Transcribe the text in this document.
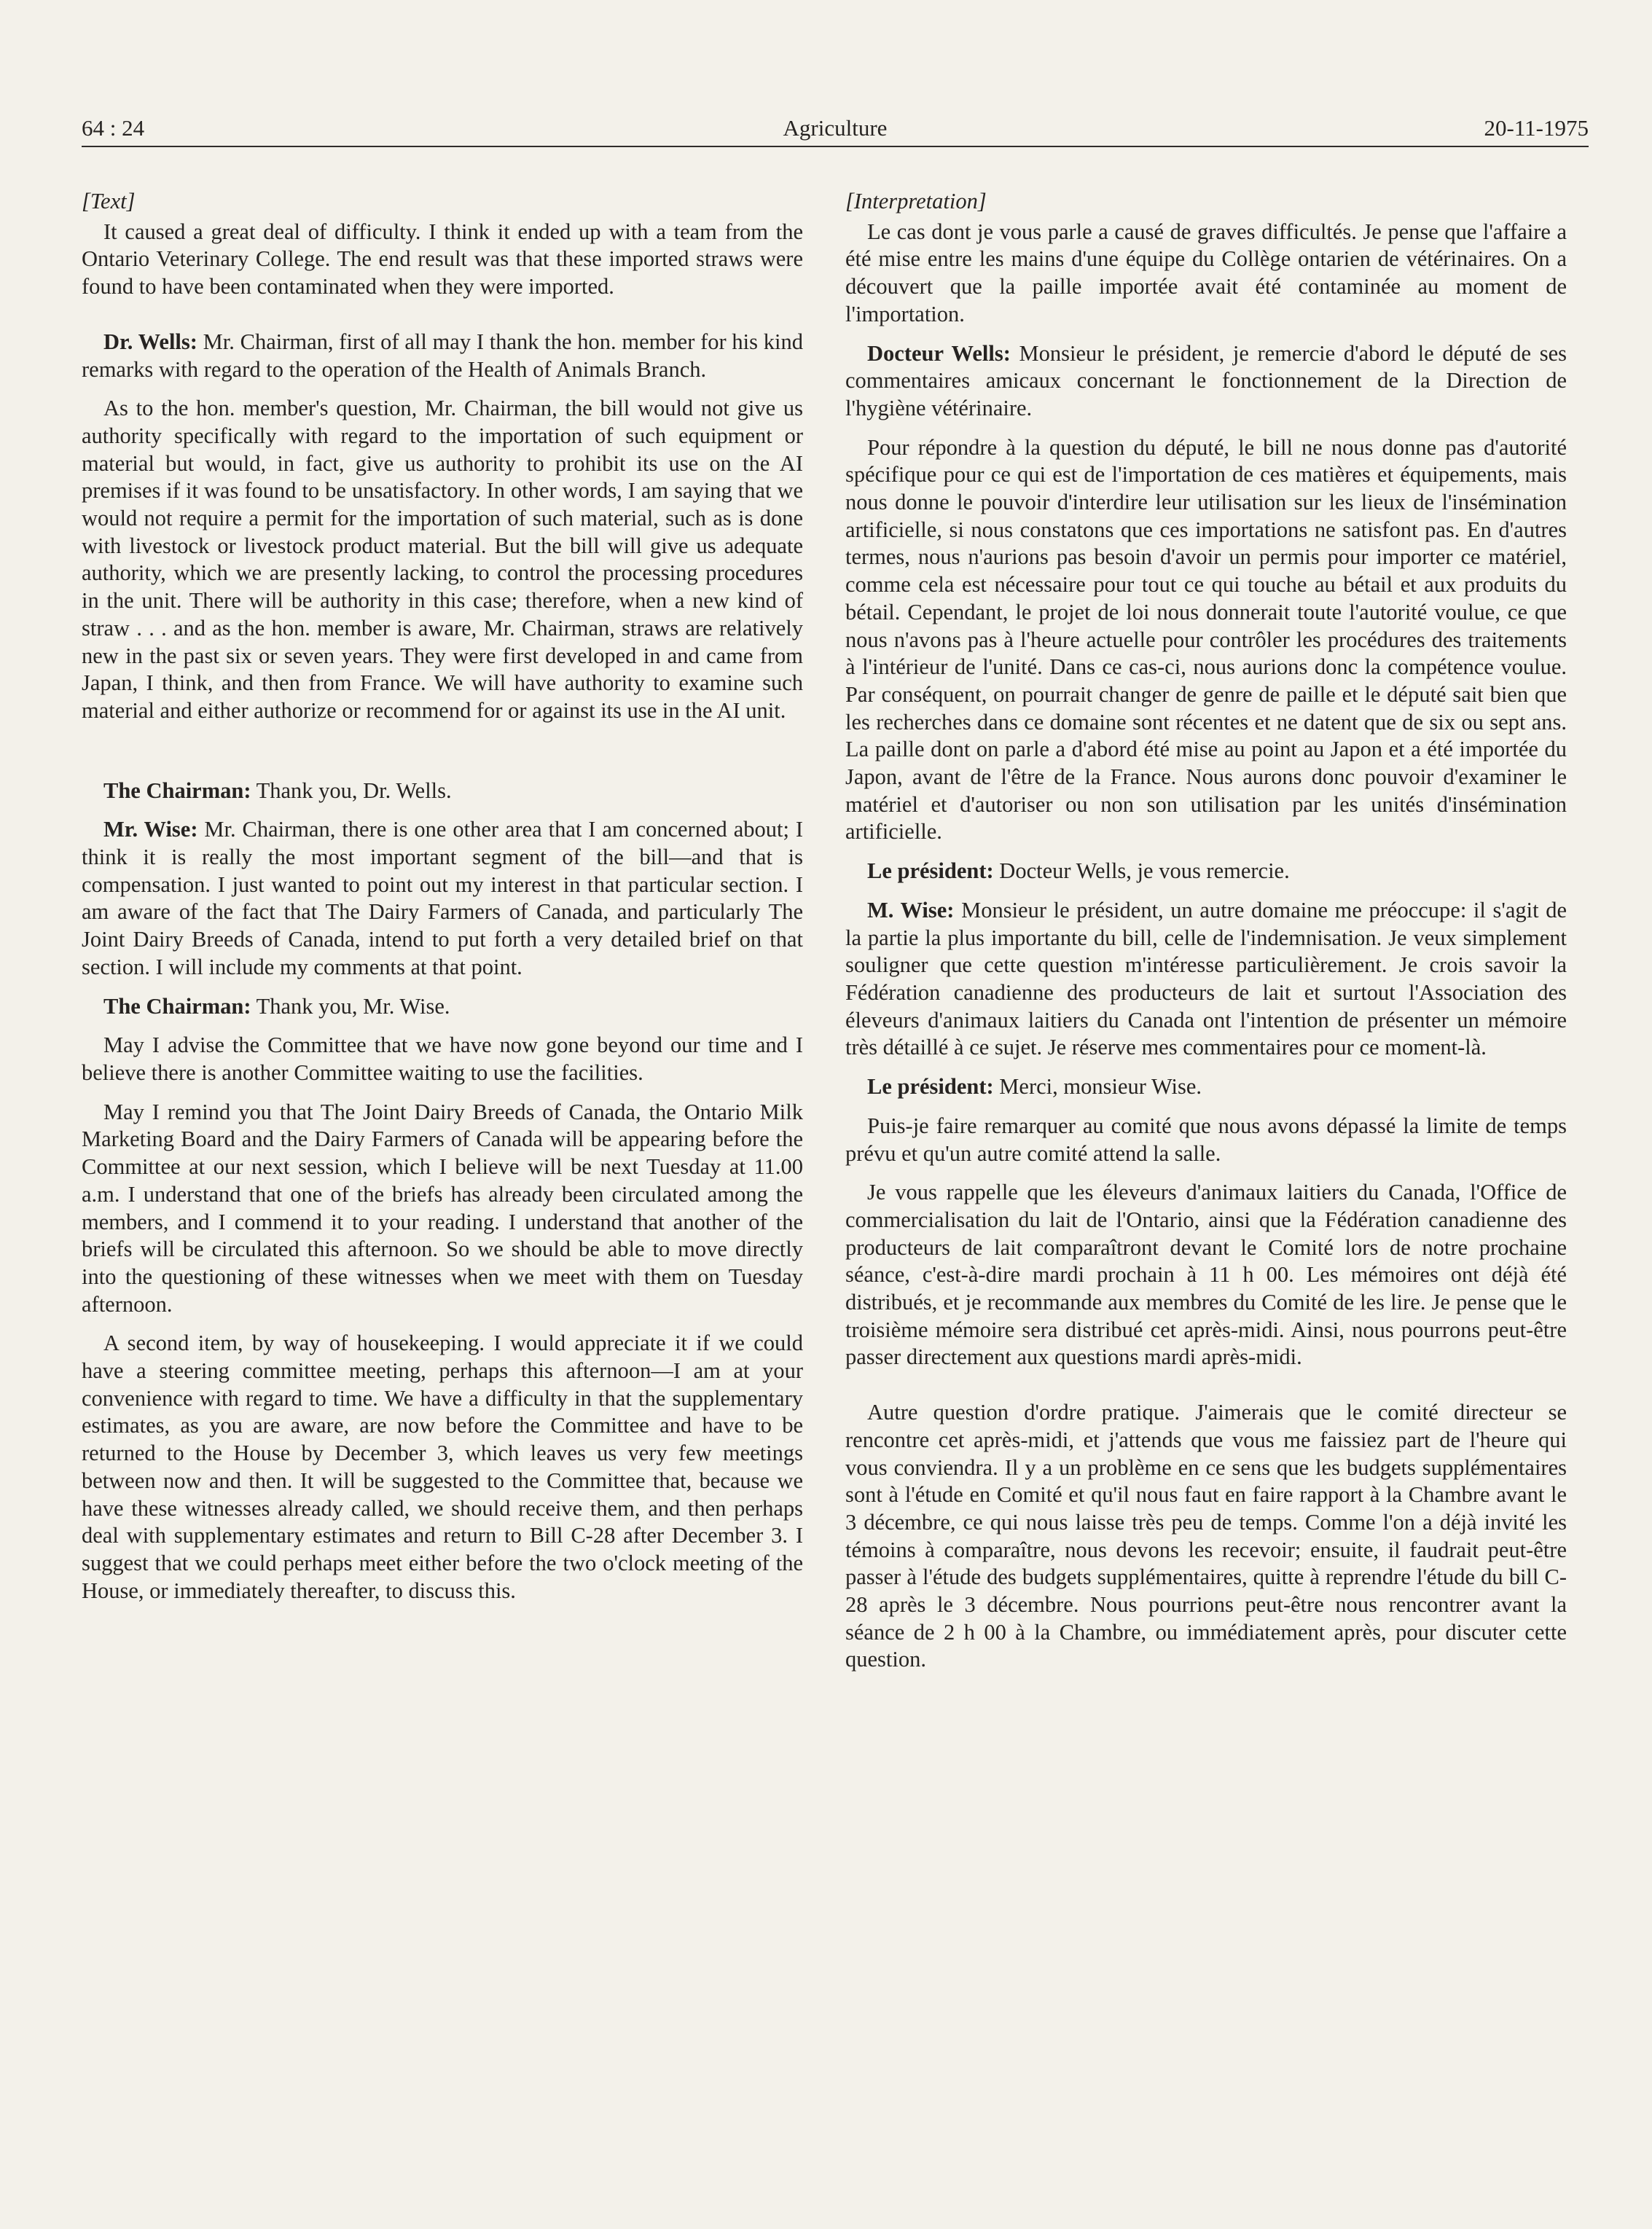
64 : 24	Agriculture	20-11-1975

[Text]

It caused a great deal of difficulty. I think it ended up with a team from the Ontario Veterinary College. The end result was that these imported straws were found to have been contaminated when they were imported.

Dr. Wells: Mr. Chairman, first of all may I thank the hon. member for his kind remarks with regard to the operation of the Health of Animals Branch.

As to the hon. member's question, Mr. Chairman, the bill would not give us authority specifically with regard to the importation of such equipment or material but would, in fact, give us authority to prohibit its use on the AI premises if it was found to be unsatisfactory. In other words, I am saying that we would not require a permit for the importation of such material, such as is done with livestock or livestock product material. But the bill will give us adequate authority, which we are presently lacking, to control the processing procedures in the unit. There will be authority in this case; therefore, when a new kind of straw . . . and as the hon. member is aware, Mr. Chairman, straws are relatively new in the past six or seven years. They were first developed in and came from Japan, I think, and then from France. We will have authority to examine such material and either authorize or recommend for or against its use in the AI unit.

The Chairman: Thank you, Dr. Wells.

Mr. Wise: Mr. Chairman, there is one other area that I am concerned about; I think it is really the most important segment of the bill—and that is compensation. I just wanted to point out my interest in that particular section. I am aware of the fact that The Dairy Farmers of Canada, and particularly The Joint Dairy Breeds of Canada, intend to put forth a very detailed brief on that section. I will include my comments at that point.

The Chairman: Thank you, Mr. Wise.

May I advise the Committee that we have now gone beyond our time and I believe there is another Committee waiting to use the facilities.

May I remind you that The Joint Dairy Breeds of Canada, the Ontario Milk Marketing Board and the Dairy Farmers of Canada will be appearing before the Committee at our next session, which I believe will be next Tuesday at 11.00 a.m. I understand that one of the briefs has already been circulated among the members, and I commend it to your reading. I understand that another of the briefs will be circulated this afternoon. So we should be able to move directly into the questioning of these witnesses when we meet with them on Tuesday afternoon.

A second item, by way of housekeeping. I would appreciate it if we could have a steering committee meeting, perhaps this afternoon—I am at your convenience with regard to time. We have a difficulty in that the supplementary estimates, as you are aware, are now before the Committee and have to be returned to the House by December 3, which leaves us very few meetings between now and then. It will be suggested to the Committee that, because we have these witnesses already called, we should receive them, and then perhaps deal with supplementary estimates and return to Bill C-28 after December 3. I suggest that we could perhaps meet either before the two o'clock meeting of the House, or immediately thereafter, to discuss this.

[Interpretation]

Le cas dont je vous parle a causé de graves difficultés. Je pense que l'affaire a été mise entre les mains d'une équipe du Collège ontarien de vétérinaires. On a découvert que la paille importée avait été contaminée au moment de l'importation.

Docteur Wells: Monsieur le président, je remercie d'abord le député de ses commentaires amicaux concernant le fonctionnement de la Direction de l'hygiène vétérinaire.

Pour répondre à la question du député, le bill ne nous donne pas d'autorité spécifique pour ce qui est de l'importation de ces matières et équipements, mais nous donne le pouvoir d'interdire leur utilisation sur les lieux de l'insémination artificielle, si nous constatons que ces importations ne satisfont pas. En d'autres termes, nous n'aurions pas besoin d'avoir un permis pour importer ce matériel, comme cela est nécessaire pour tout ce qui touche au bétail et aux produits du bétail. Cependant, le projet de loi nous donnerait toute l'autorité voulue, ce que nous n'avons pas à l'heure actuelle pour contrôler les procédures des traitements à l'intérieur de l'unité. Dans ce cas-ci, nous aurions donc la compétence voulue. Par conséquent, on pourrait changer de genre de paille et le député sait bien que les recherches dans ce domaine sont récentes et ne datent que de six ou sept ans. La paille dont on parle a d'abord été mise au point au Japon et a été importée du Japon, avant de l'être de la France. Nous aurons donc pouvoir d'examiner le matériel et d'autoriser ou non son utilisation par les unités d'insémination artificielle.

Le président: Docteur Wells, je vous remercie.

M. Wise: Monsieur le président, un autre domaine me préoccupe: il s'agit de la partie la plus importante du bill, celle de l'indemnisation. Je veux simplement souligner que cette question m'intéresse particulièrement. Je crois savoir la Fédération canadienne des producteurs de lait et surtout l'Association des éleveurs d'animaux laitiers du Canada ont l'intention de présenter un mémoire très détaillé à ce sujet. Je réserve mes commentaires pour ce moment-là.

Le président: Merci, monsieur Wise.

Puis-je faire remarquer au comité que nous avons dépassé la limite de temps prévu et qu'un autre comité attend la salle.

Je vous rappelle que les éleveurs d'animaux laitiers du Canada, l'Office de commercialisation du lait de l'Ontario, ainsi que la Fédération canadienne des producteurs de lait comparaîtront devant le Comité lors de notre prochaine séance, c'est-à-dire mardi prochain à 11 h 00. Les mémoires ont déjà été distribués, et je recommande aux membres du Comité de les lire. Je pense que le troisième mémoire sera distribué cet après-midi. Ainsi, nous pourrons peut-être passer directement aux questions mardi après-midi.

Autre question d'ordre pratique. J'aimerais que le comité directeur se rencontre cet après-midi, et j'attends que vous me faissiez part de l'heure qui vous conviendra. Il y a un problème en ce sens que les budgets supplémentaires sont à l'étude en Comité et qu'il nous faut en faire rapport à la Chambre avant le 3 décembre, ce qui nous laisse très peu de temps. Comme l'on a déjà invité les témoins à comparaître, nous devons les recevoir; ensuite, il faudrait peut-être passer à l'étude des budgets supplémentaires, quitte à reprendre l'étude du bill C-28 après le 3 décembre. Nous pourrions peut-être nous rencontrer avant la séance de 2 h 00 à la Chambre, ou immédiatement après, pour discuter cette question.
